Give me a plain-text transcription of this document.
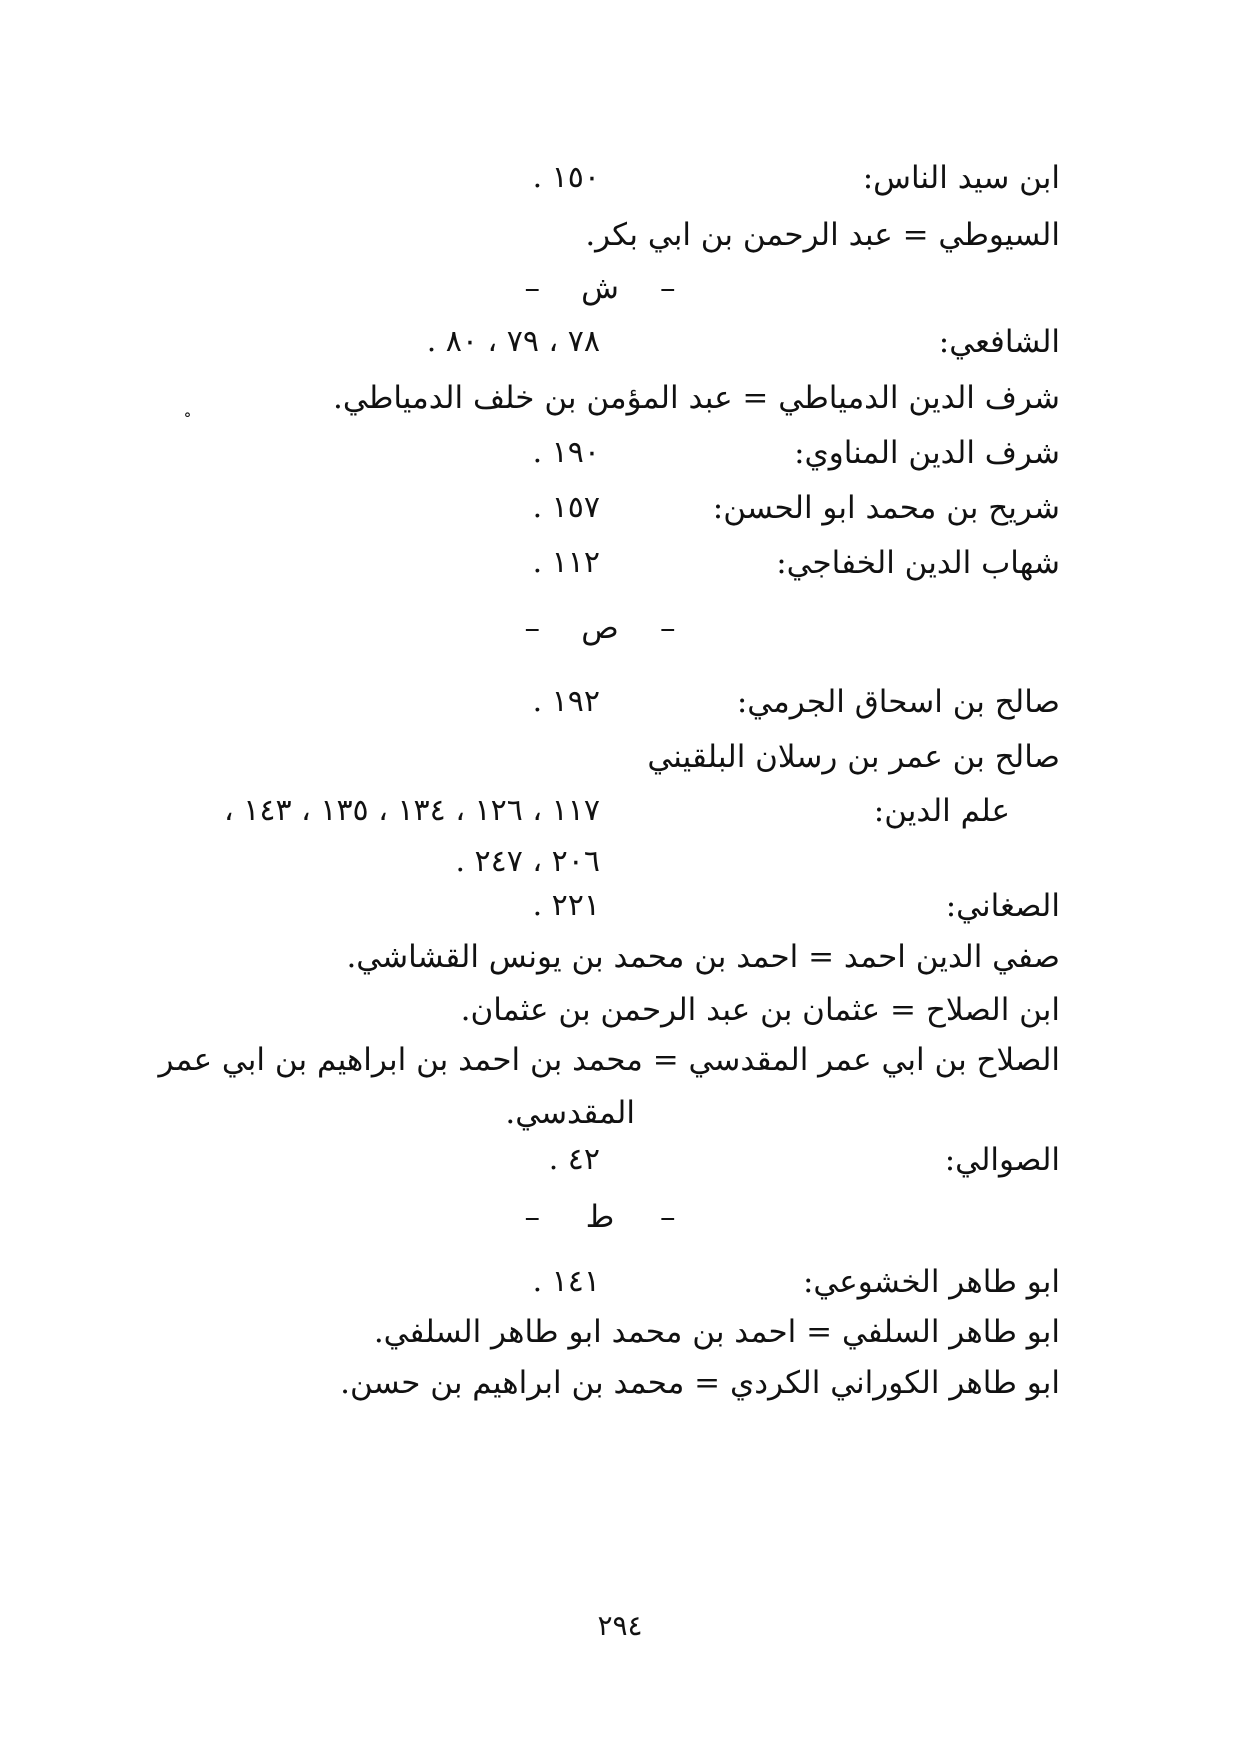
ابن سيد الناس:
١٥٠ .
السيوطي = عبد الرحمن بن ابي بكر.
–ش–
الشافعي:
٧٨ ، ٧٩ ، ٨٠ .
˚
شرف الدين الدمياطي = عبد المؤمن بن خلف الدمياطي.
شرف الدين المناوي:
١٩٠ .
شريح بن محمد ابو الحسن:
١٥٧ .
شهاب الدين الخفاجي:
١١٢ .
–ص–
صالح بن اسحاق الجرمي:
١٩٢ .
صالح بن عمر بن رسلان البلقيني
علم الدين:
١١٧ ، ١٢٦ ، ١٣٤ ، ١٣٥ ، ١٤٣ ،
٢٠٦ ، ٢٤٧ .
الصغاني:
٢٢١ .
صفي الدين احمد = احمد بن محمد بن يونس القشاشي.
ابن الصلاح = عثمان بن عبد الرحمن بن عثمان.
الصلاح بن ابي عمر المقدسي = محمد بن احمد بن ابراهيم بن ابي عمر
المقدسي.
الصوالي:
٤٢ .
–ط–
ابو طاهر الخشوعي:
١٤١ .
ابو طاهر السلفي = احمد بن محمد ابو طاهر السلفي.
ابو طاهر الكوراني الكردي = محمد بن ابراهيم بن حسن.
٢٩٤
